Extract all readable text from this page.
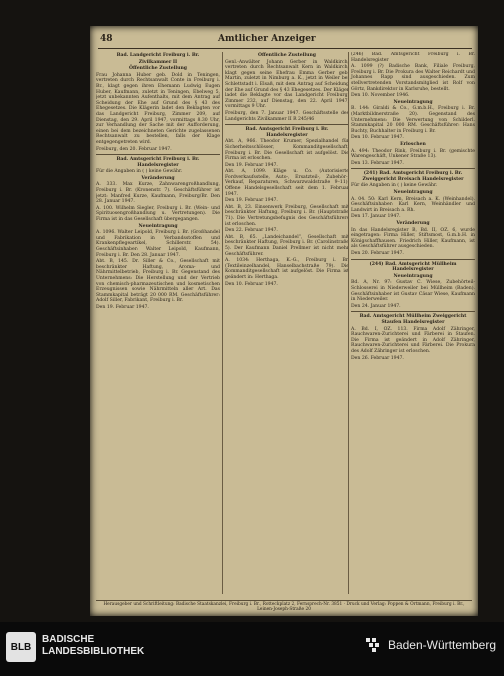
48	Amtlicher Anzeiger
Bad. Landgericht Freiburg i. Br.
Zivilkammer II
Öffentliche Zustellung

Frau Johanna Huber geb. Dold in Teningen, vertreten durch Rechtsanwalt Conte in Freiburg i. Br., klagt gegen ihren Ehemann Ludwig Eugen Huber, Kaufmann, zuletzt in Teningen, Ebelweg 5, jetzt unbekannten Aufenthalts, mit dem Antrag auf Scheidung der Ehe auf Grund des § 43 des Ehegesetzes. Die Klägerin ladet den Beklagten vor das Landgericht Freiburg, Zimmer 209, auf Dienstag, den 29. April 1947, vormittags 8.30 Uhr, zur Verhandlung der Sache mit der Aufforderung, einen bei dem bezeichneten Gerichte zugelassenen Rechtsanwalt zu bestellen, falls der Klage entgegengetreten wird.

Freiburg, den 20. Februar 1947.

Bad. Amtsgericht Freiburg i. Br. Handelsregister

Für die Angaben in ( ) keine Gewähr.

Veränderung

A. 333. Max Kurze, Zahnwarengroßhandlung, Freiburg i. Br. (Kronenstr. 7). Geschäftsführer ist jetzt: Manfred Kurze, Kaufmann, Freiburg/Br. Den 28. Januar 1947.

A. 100. Wilhelm Siegler, Freiburg i. Br. (Wein- und Spirituosengroßhandlung u. Vertretungen). Die Firma ist in das Gesellschaft übergegangen.

Neueintragung

A. 1096. Walter Leipold, Freiburg i. Br. (Großhandel und Fabrikation in Verbandsstoffen und Krankenpflegeartikel, Schillerstr. 54). Geschäftsinhaber: Walter Leipold, Kaufmann, Freiburg i. Br. Den 28. Januar 1947.

Abt. B, 145. Dr. Siller & Co., Gesellschaft mit beschränkter Haftung, Aroma- und Nährmittelbetrieb, Freiburg i. Br. Gegenstand des Unternehmens: Die Herstellung und der Vertrieb von chemisch-pharmazeutischen und kosmetischen Erzeugnissen sowie Nährmitteln aller Art. Das Stammkapital beträgt 20 000 RM. Geschäftsführer: Adolf Siller, Fabrikant, Freiburg i. Br.

Den 19. Februar 1947.

Öffentliche Zustellung

Genl.-Anwälter Johann Gerber in Waldkirch, vertreten durch Rechtsanwalt Kern in Waldkirch, klagt gegen seine Ehefrau Emma Gerber geb. Martin, zuletzt in Nimburg a. K., jetzt in Weiler bei Schlettstadt i. Elsaß, mit dem Antrag auf Scheidung der Ehe auf Grund des § 43 Ehegesetzes. Der Kläger ladet die Beklagte vor das Landgericht Freiburg, Zimmer 232, auf Dienstag, den 22. April 1947, vormittags 9 Uhr.

Freiburg, den 7. Januar 1947. Geschäftsstelle des Landgerichts Zivilkammer II R 245/46

Bad. Amtsgericht Freiburg i. Br. Handelsregister

Abt. A, 966. Theodor Krumer, Spezialhandel für Sicherheitsschlösser, Kommanditgesellschaft, Freiburg i. Br. Die Gesellschaft ist aufgelöst. Die Firma ist erloschen.

Den 19. Februar 1947.

Abt. A, 1099. Kläge u. Co. (Autorisierte Fordverkaufsstelle, Auto-, Ersatzteil-, Zubehör-, Verkauf, Reparaturen, Schwarzwaldstraße 9–11). Offene Handelsgesellschaft seit dem 1. Februar 1947.

Den 19. Februar 1947.

Abt. B, 23. Einsenwerk Freiburg, Gesellschaft mit beschränkter Haftung, Freiburg i. Br. (Hauptstraße 71). Die Vertretungsbefugnis des Geschäftsführers ist erloschen.

Den 22. Februar 1947.

Abt. B, 65. „Landeichandel“, Gesellschaft mit beschränkter Haftung, Freiburg i. Br. (Carolinstraße 5). Der Kaufmann Daniel Prellmer ist nicht mehr Geschäftsführer.

A. 1034: Herthaga, K.-G., Freiburg i. Br. (Textileinzelhandel, Hanselbachstraße 79). Die Kommanditgesellschaft ist aufgelöst. Die Firma ist geändert in: Herthaga.

Den 10. Februar 1947.

(246) Bad. Amtsgericht Freiburg i. Br. Handelsregister

A. 1099 (?) Badische Bank, Filiale Freiburg, Freiburg i. Br. Die Prokura des Walter Reichardt und Johannes Rapp sind ausgeschieden. Zum stellvertretenden Vorstandsmitglied ist Rolf von Görtz, Bankdirektor in Karlsruhe, bestellt.

Den 10. November 1946.

Neueintragung

B. 144: Giraldi & Co., G.m.b.H., Freiburg i. Br. (Marktbildnerstraße 20). Gegenstand des Unternehmens: Die Verwertung von Schilderl. Stammkapital 20 000 RM. Geschäftsführer: Hans Buchty, Buchhalter in Freiburg i. Br.

Den 10. Februar 1947.

Erloschen

A. 494: Theodor Rink, Freiburg i. Br. (gemischte Warengeschäft, Unkener Straße 13).

Den 13. Februar 1947.

(241) Bad. Amtsgericht Freiburg i. Br. Zweiggericht Breisach Handelsregister

Für die Angaben in ( ) keine Gewähr.

Neueintragung

A. 04. 50: Karl Kern, Breisach a. K. (Weinhandel). Geschäftsinhaber: Karl Kern, Weinhändler und Landwirt in Breisach a. Rh.

Den 17. Januar 1947.

Veränderung

In das Handelsregister B, Bd. II, OZ. 6, wurde eingetragen: Firma Hiller, Stiftsmost, G.m.b.H. in Königschaffhausen. Friedrich Hiller, Kaufmann, ist als Geschäftsführer ausgeschieden.

Den 20. Februar 1947.

(244) Bad. Amtsgericht Müllheim Handelsregister
Neueintragung

Bd. A, Nr. 97: Gustav C. Wiese, Zubehörteil-Schlosserei in Niederweiler bei Müllheim (Baden). Geschäftsinhaber ist Gustav Cäsar Wiese, Kaufmann in Niederweiler.

Den 24. Januar 1947.

Bad. Amtsgericht Müllheim Zweiggericht Staufen Handelsregister

A. Bd. I, OZ. 113. Firma Adolf Zähringer, Rauchwaren-Zurichterei und Färberei in Staufen. Die Firma ist geändert in Adolf Zähringer, Rauchwaren-Zurichterei und Färberei. Die Prokura des Adolf Zähringer ist erloschen.

Den 26. Februar 1947.

Herausgeber und Schriftleitung: Badische Staatskanzlei, Freiburg i. Br., Rotteckplatz 2, Fernsprech-Nr. 3851 · Druck und Verlag: Poppen & Ortmann, Freiburg i. Br., Leinen-Joseph-Straße 20
BLB
BADISCHE
LANDESBIBLIOTHEK	Baden-Württemberg
